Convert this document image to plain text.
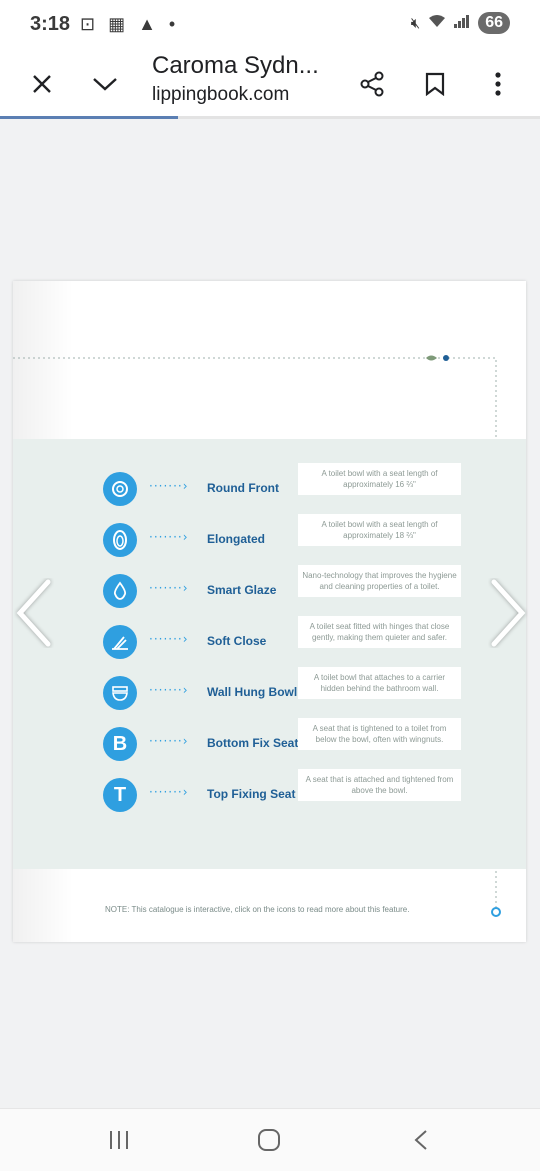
3:18 ⊡ ▦ ▲ •	🔇︎	66
Caroma Sydn...
lippingbook.com
·······› Round Front
A toilet bowl with a seat length of approximately 16 ⅔"
·······› Elongated
A toilet bowl with a seat length of approximately 18 ⅔"
·······› Smart Glaze
Nano-technology that improves the hygiene and cleaning properties of a toilet.
·······› Soft Close
A toilet seat fitted with hinges that close gently, making them quieter and safer.
·······› Wall Hung Bowl
A toilet bowl that attaches to a carrier hidden behind the bathroom wall.
B	·······› Bottom Fix Seat
A seat that is tightened to a toilet from below the bowl, often with wingnuts.
T	·······› Top Fixing Seat
A seat that is attached and tightened from above the bowl.
NOTE: This catalogue is interactive, click on the icons to read more about this feature.
